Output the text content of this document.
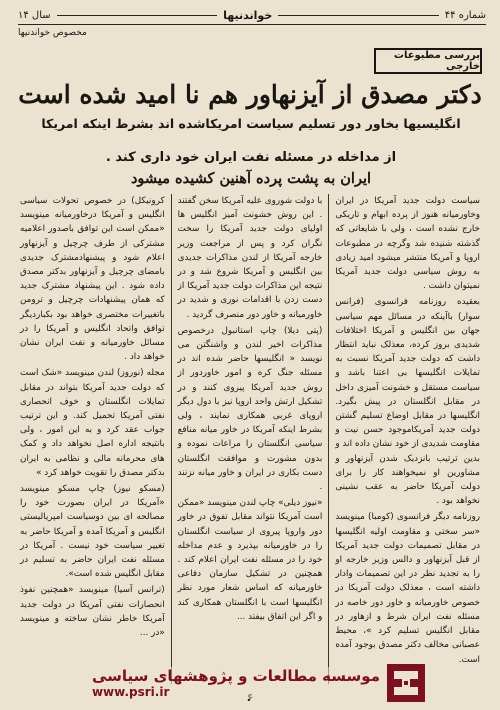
شماره ۴۴
خواندنیها
سال ۱۴
مخصوص خواندنیها
بررسی مطبوعات خارجی
دکتر مصدق از آیزنهاور هم نا امید شده است
انگلیسیها بخاور دور تسلیم سیاست امریکاشده اند بشرط اینکه امریکا
از مداخله در مسئله نفت ایران خود داری کند .
ایران به پشت پرده آهنین کشیده میشود

سیاست دولت جدید آمریکا در ایران وخاورمیانه هنوز از پرده ابهام و تاریکی خارج نشده است ، ولی با شایعاتی که گذشته شنیده شد وگرچه در مطبوعات اروپا و آمریکا منتشر میشود امید زیادی به روش سیاسی دولت جدید آمریکا نمیتوان داشت .

بعقیده روزنامه فرانسوی (فرانس سوار) باآینکه در مسائل مهم سیاسی جهان بین انگلیس و آمریکا اختلافات شدیدی بروز کرده، معذلک نباید انتظار داشت که دولت جدید آمریکا نسبت به تمایلات انگلیسها بی اعتنا باشد و سیاست مستقل و خشونت آمیزی داخل در مقابل انگلستان در پیش بگیرد. انگلیسها در مقابل اوضاع تسلیم گشتن دولت جدید آمریکاموجود حسن نیت و مقاومت شدیدی از خود نشان داده اند و بدین ترتیب بانزدیک شدن آیزنهاور و مشاورین او نمیخواهند کار را برای دولت آمریکا حاضر به عقب نشینی نخواهد بود .

روزنامه دیگر فرانسوی (کومبا) مینویسد «سر سختی و مقاومت اولیه انگلیسها در مقابل تصمیمات دولت جدید آمریکا از قبل آیزنهاور و دالس وزیر خارجه او را به تجدید نظر در این تصمیمات وادار داشته است ، معذلک دولت آمریکا در خصوص خاورمیانه و خاور دور خاصه در مسئله نفت ایران شرط و ازهاور در مقابل انگلیس تسلیم کرد »، محیط عصبانی مخالف دکتر مصدق بوجود آمده است.

با دولت شوروی علیه آمریکا سخن گفتند . این روش خشونت آمیز انگلیس ها اولیای دولت جدید آمریکا را سخت نگران کرد و پس از مراجعت وزیر خارجه آمریکا از لندن مذاکرات جدیدی بین انگلیس و آمریکا شروع شد و در نتیجه این مذاکرات دولت جدید آمریکا از دست زدن با اقدامات نوری و شدید در خاورمیانه و خاور دور منصرف گردید .

(پتی دیلا) چاپ استانبول درخصوص مذاکرات اخیر لندن و واشنگتن می نویسد « انگلیسها حاضر شده اند در مسئله جنگ کره و امور خاوردور از روش جدید آمریکا پیروی کنند و در تشکیل ارتش واحد اروپا نیز با دول دیگر اروپای غربی همکاری نمایند ، ولی بشرط اینکه آمریکا در خاور میانه منافع سیاسی انگلستان را مراعات نموده و بدون مشورت و موافقت انگلستان دست بکاری در ایران و خاور میانه نزنند .

«نیوز دیلی» چاپ لندن مینویسد «ممکن است آمریکا نتواند مقابل تفوق در خاور دور واروپا پیروی از سیاست انگلستان را در خاورمیانه بپذیرد و عدم مداخله خود را در مسئله نفت ایران اعلام کند . همچنین در تشکیل سازمان دفاعی خاورمیانه که اساس شعار مورد نظر انگلیسها است با انگلستان همکاری کند و اگر این اتفاق بیفتد ...

کرونیکل) در خصوص تحولات سیاسی انگلیس و آمریکا درخاورمیانه مینویسد «ممکن است این توافق باصدور اعلامیه مشترکی از طرف چرچیل و آیزنهاور اعلام شود و پیشنهادمشترک جدیدی بامضای چرچیل و آیزنهاور بدکتر مصدق داده شود . این پیشنهاد مشترک جدید که همان پیشنهادات چرچیل و ترومن باتغییرات مختصری خواهد بود بکباردیگر توافق واتحاد انگلیس و آمریکا را در مسائل خاورمیانه و نفت ایران نشان خواهد داد .

مجله (نوروز) لندن مینویسد «شک است که دولت جدید آمریکا بتواند در مقابل تمایلات انگلستان و خوف انحصاری نفتی آمریکا تحمیل کند. و این ترتیب جواب عقد کرد و به این امور ، ولی بانتیجه اداره اصل نخواهد داد و کمک های محرمانه مالی و نظامی به ایران بدکتر مصدق را تقویت خواهد کرد »

(مسکو نیوز) چاپ مسکو مینویسد «آمریکا در ایران بصورت خود را مصالحه ای بین دوسیاست امپریالیستی انگلیس و آمریکا آمده و آمریکا حاضر به تغییر سیاست خود نیست . آمریکا در مسئله نفت ایران حاضر به تسلیم در مقابل انگلیس شده است».

(ترانس آسیا) مینویسد «همچنین نفوذ انحصارات نفتی آمریکا در دولت جدید آمریکا خاطر نشان ساخته و مینویسد «در ...

موسسه مطالعات و پژوهشهای سیاسی
www.psri.ir
